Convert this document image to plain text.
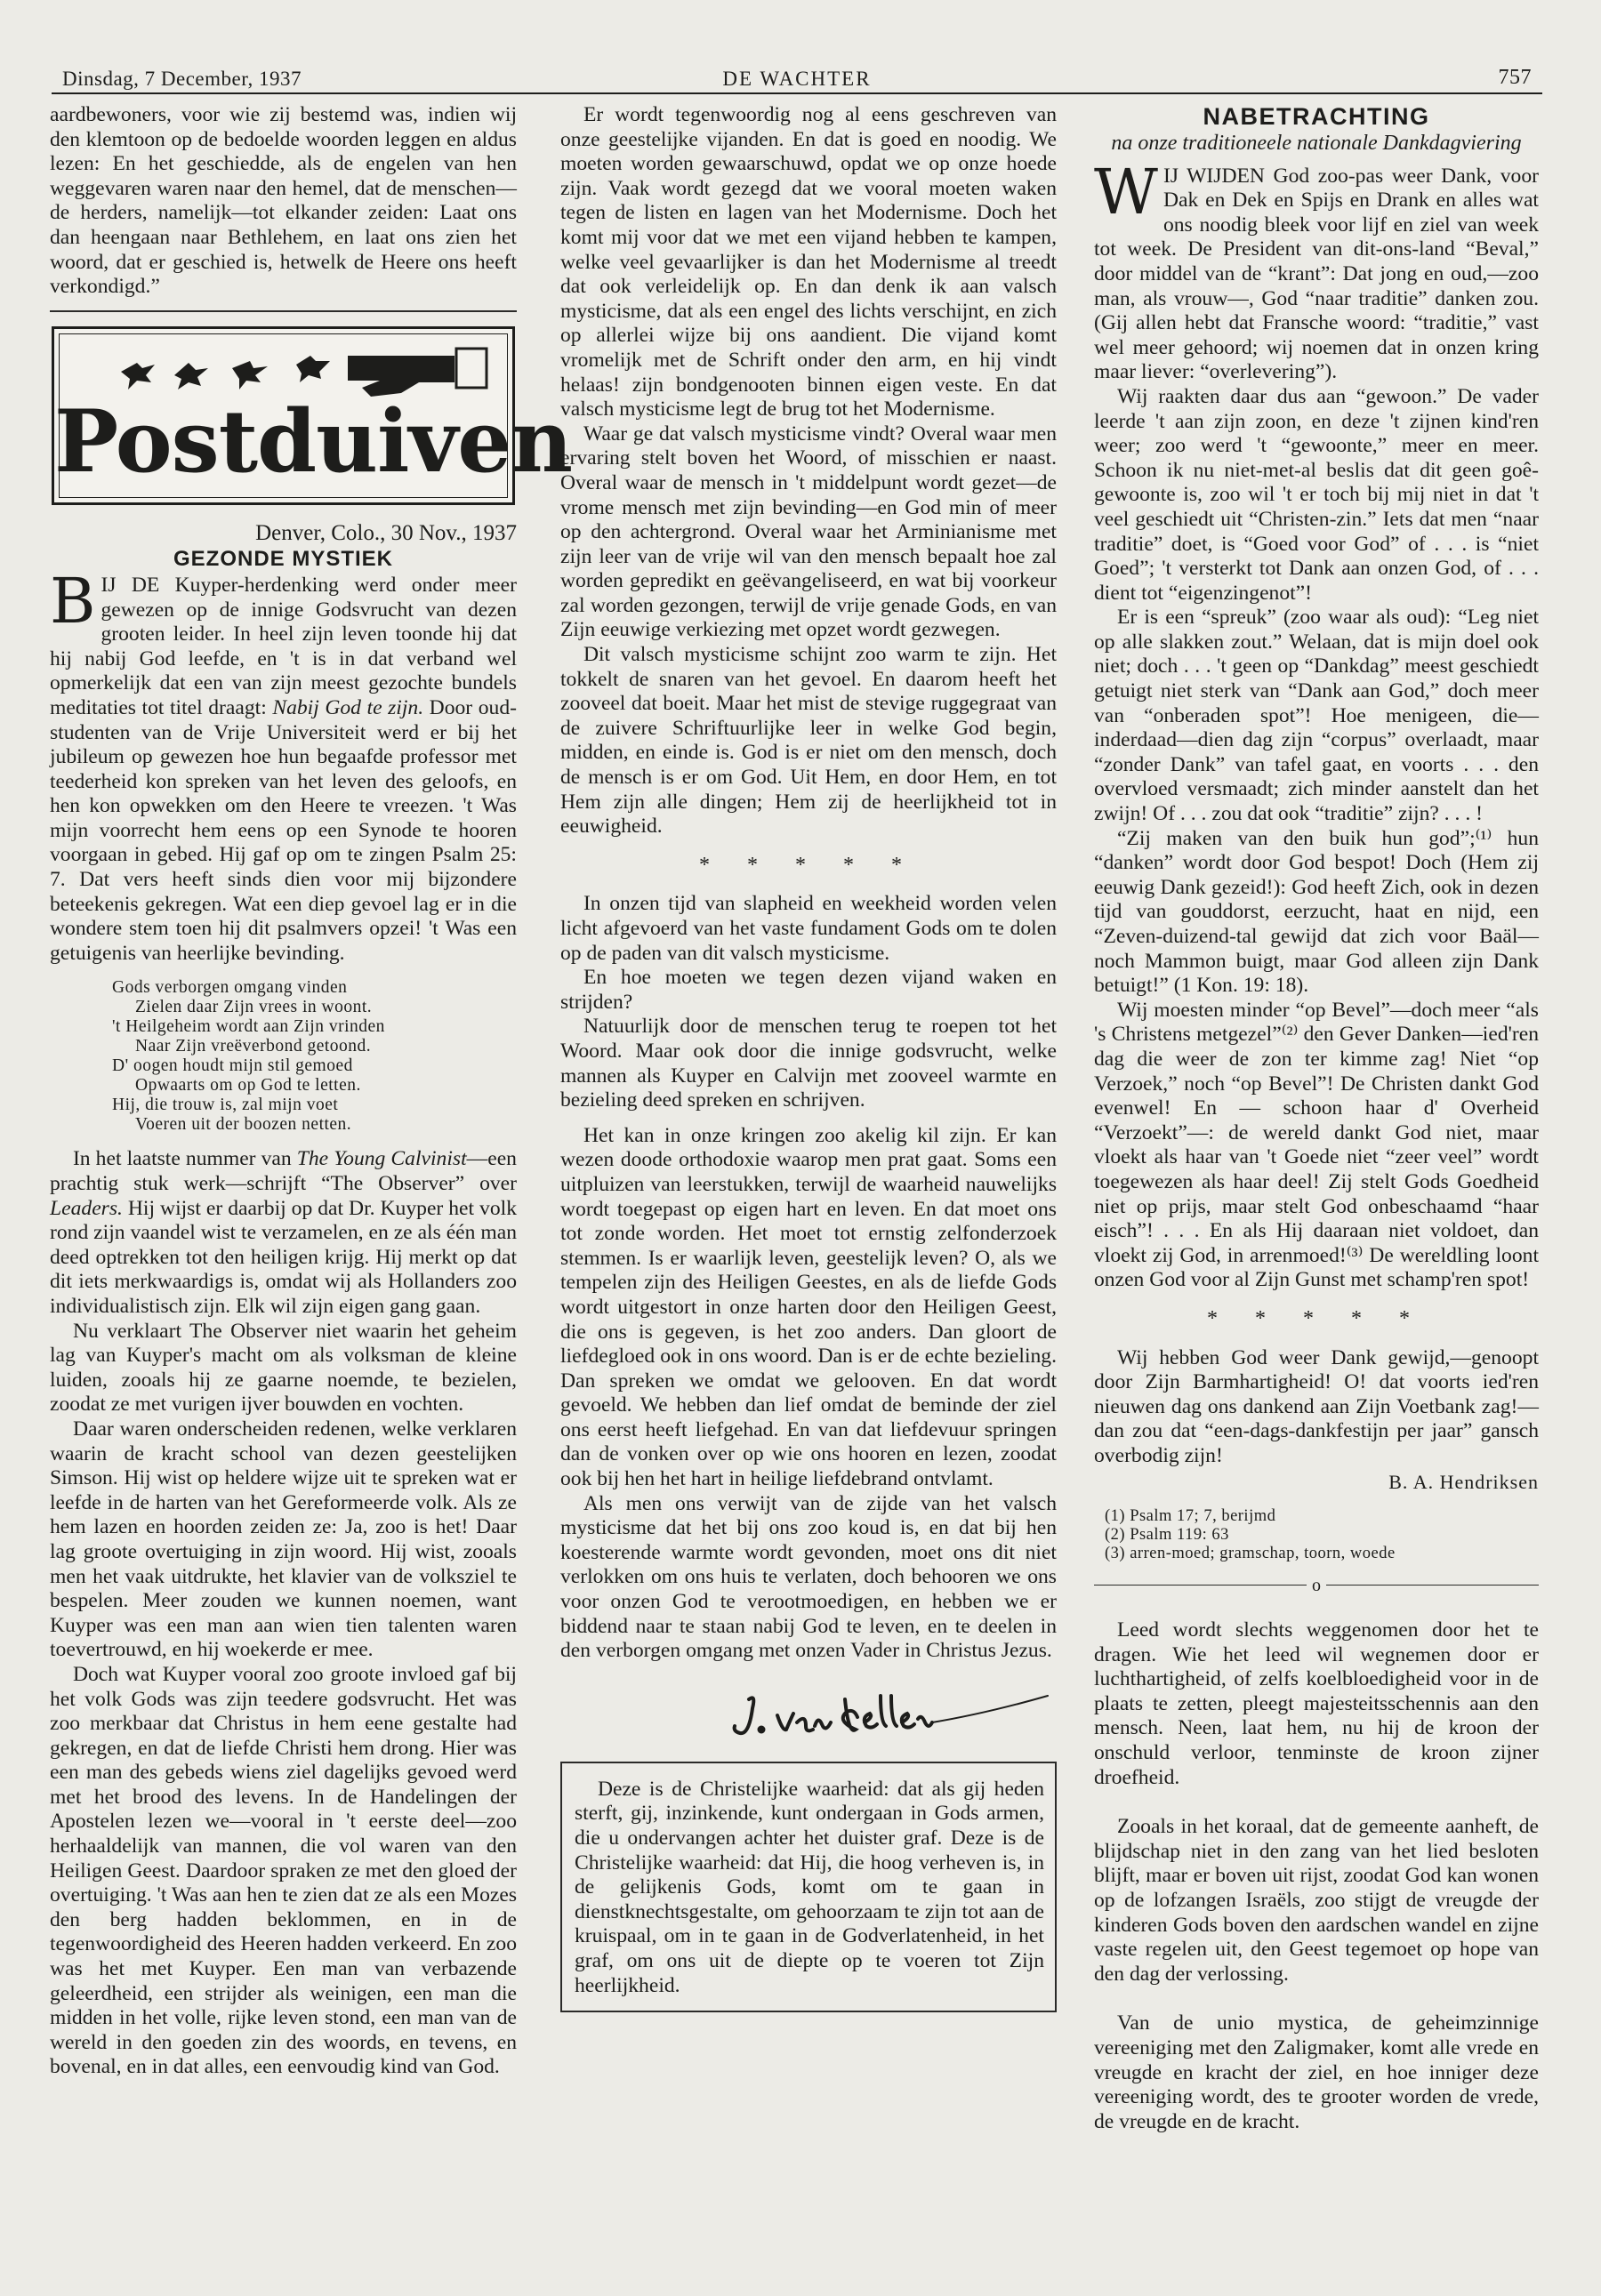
Dinsdag, 7 December, 1937	DE WACHTER	757

aardbewoners, voor wie zij bestemd was, indien wij den klemtoon op de bedoelde woorden leggen en aldus lezen: En het geschiedde, als de engelen van hen weggevaren waren naar den hemel, dat de menschen—de herders, namelijk—tot elkander zeiden: Laat ons dan heengaan naar Bethlehem, en laat ons zien het woord, dat er geschied is, hetwelk de Heere ons heeft verkondigd.”

Postduiven
Denver, Colo., 30 Nov., 1937
GEZONDE MYSTIEK

BIJ DE Kuyper-herdenking werd onder meer gewezen op de innige Godsvrucht van dezen grooten leider. In heel zijn leven toonde hij dat hij nabij God leefde, en 't is in dat verband wel opmerkelijk dat een van zijn meest gezochte bundels meditaties tot titel draagt: Nabij God te zijn. Door oud-studenten van de Vrije Universiteit werd er bij het jubileum op gewezen hoe hun begaafde professor met teederheid kon spreken van het leven des geloofs, en hen kon opwekken om den Heere te vreezen. 't Was mijn voorrecht hem eens op een Synode te hooren voorgaan in gebed. Hij gaf op om te zingen Psalm 25: 7. Dat vers heeft sinds dien voor mij bijzondere beteekenis gekregen. Wat een diep gevoel lag er in die wondere stem toen hij dit psalmvers opzei! 't Was een getuigenis van heerlijke bevinding.

Gods verborgen omgang vinden
Zielen daar Zijn vrees in woont.
't Heilgeheim wordt aan Zijn vrinden
Naar Zijn vreëverbond getoond.
D' oogen houdt mijn stil gemoed
Opwaarts om op God te letten.
Hij, die trouw is, zal mijn voet
Voeren uit der boozen netten.

In het laatste nummer van The Young Calvinist—een prachtig stuk werk—schrijft “The Observer” over Leaders. Hij wijst er daarbij op dat Dr. Kuyper het volk rond zijn vaandel wist te verzamelen, en ze als één man deed optrekken tot den heiligen krijg. Hij merkt op dat dit iets merkwaardigs is, omdat wij als Hollanders zoo individualistisch zijn. Elk wil zijn eigen gang gaan.

Nu verklaart The Observer niet waarin het geheim lag van Kuyper's macht om als volksman de kleine luiden, zooals hij ze gaarne noemde, te bezielen, zoodat ze met vurigen ijver bouwden en vochten.

Daar waren onderscheiden redenen, welke verklaren waarin de kracht school van dezen geestelijken Simson. Hij wist op heldere wijze uit te spreken wat er leefde in de harten van het Gereformeerde volk. Als ze hem lazen en hoorden zeiden ze: Ja, zoo is het! Daar lag groote overtuiging in zijn woord. Hij wist, zooals men het vaak uitdrukte, het klavier van de volksziel te bespelen. Meer zouden we kunnen noemen, want Kuyper was een man aan wien tien talenten waren toevertrouwd, en hij woekerde er mee.

Doch wat Kuyper vooral zoo groote invloed gaf bij het volk Gods was zijn teedere godsvrucht. Het was zoo merkbaar dat Christus in hem eene gestalte had gekregen, en dat de liefde Christi hem drong. Hier was een man des gebeds wiens ziel dagelijks gevoed werd met het brood des levens. In de Handelingen der Apostelen lezen we—vooral in 't eerste deel—zoo herhaaldelijk van mannen, die vol waren van den Heiligen Geest. Daardoor spraken ze met den gloed der overtuiging. 't Was aan hen te zien dat ze als een Mozes den berg hadden beklommen, en in de tegenwoordigheid des Heeren hadden verkeerd. En zoo was het met Kuyper. Een man van verbazende geleerdheid, een strijder als weinigen, een man die midden in het volle, rijke leven stond, een man van de wereld in den goeden zin des woords, en tevens, en bovenal, en in dat alles, een eenvoudig kind van God.

Er wordt tegenwoordig nog al eens geschreven van onze geestelijke vijanden. En dat is goed en noodig. We moeten worden gewaarschuwd, opdat we op onze hoede zijn. Vaak wordt gezegd dat we vooral moeten waken tegen de listen en lagen van het Modernisme. Doch het komt mij voor dat we met een vijand hebben te kampen, welke veel gevaarlijker is dan het Modernisme al treedt dat ook verleidelijk op. En dan denk ik aan valsch mysticisme, dat als een engel des lichts verschijnt, en zich op allerlei wijze bij ons aandient. Die vijand komt vromelijk met de Schrift onder den arm, en hij vindt helaas! zijn bondgenooten binnen eigen veste. En dat valsch mysticisme legt de brug tot het Modernisme.

Waar ge dat valsch mysticisme vindt? Overal waar men ervaring stelt boven het Woord, of misschien er naast. Overal waar de mensch in 't middelpunt wordt gezet—de vrome mensch met zijn bevinding—en God min of meer op den achtergrond. Overal waar het Arminianisme met zijn leer van de vrije wil van den mensch bepaalt hoe zal worden gepredikt en geëvangeliseerd, en wat bij voorkeur zal worden gezongen, terwijl de vrije genade Gods, en van Zijn eeuwige verkiezing met opzet wordt gezwegen.

Dit valsch mysticisme schijnt zoo warm te zijn. Het tokkelt de snaren van het gevoel. En daarom heeft het zooveel dat boeit. Maar het mist de stevige ruggegraat van de zuivere Schriftuurlijke leer in welke God begin, midden, en einde is. God is er niet om den mensch, doch de mensch is er om God. Uit Hem, en door Hem, en tot Hem zijn alle dingen; Hem zij de heerlijkheid tot in eeuwigheid.

* * * * *

In onzen tijd van slapheid en weekheid worden velen licht afgevoerd van het vaste fundament Gods om te dolen op de paden van dit valsch mysticisme.

En hoe moeten we tegen dezen vijand waken en strijden?

Natuurlijk door de menschen terug te roepen tot het Woord. Maar ook door die innige godsvrucht, welke mannen als Kuyper en Calvijn met zooveel warmte en bezieling deed spreken en schrijven.

Het kan in onze kringen zoo akelig kil zijn. Er kan wezen doode orthodoxie waarop men prat gaat. Soms een uitpluizen van leerstukken, terwijl de waarheid nauwelijks wordt toegepast op eigen hart en leven. En dat moet ons tot zonde worden. Het moet tot ernstig zelfonderzoek stemmen. Is er waarlijk leven, geestelijk leven? O, als we tempelen zijn des Heiligen Geestes, en als de liefde Gods wordt uitgestort in onze harten door den Heiligen Geest, die ons is gegeven, is het zoo anders. Dan gloort de liefdegloed ook in ons woord. Dan is er de echte bezieling. Dan spreken we omdat we gelooven. En dat wordt gevoeld. We hebben dan lief omdat de beminde der ziel ons eerst heeft liefgehad. En van dat liefdevuur springen dan de vonken over op wie ons hooren en lezen, zoodat ook bij hen het hart in heilige liefdebrand ontvlamt.

Als men ons verwijt van de zijde van het valsch mysticisme dat het bij ons zoo koud is, en dat bij hen koesterende warmte wordt gevonden, moet ons dit niet verlokken om ons huis te verlaten, doch behooren we ons voor onzen God te verootmoedigen, en hebben we er biddend naar te staan nabij God te leven, en te deelen in den verborgen omgang met onzen Vader in Christus Jezus.

Deze is de Christelijke waarheid: dat als gij heden sterft, gij, inzinkende, kunt ondergaan in Gods armen, die u ondervangen achter het duister graf. Deze is de Christelijke waarheid: dat Hij, die hoog verheven is, in de gelijkenis Gods, komt om te gaan in dienstknechtsgestalte, om gehoorzaam te zijn tot aan de kruispaal, om in te gaan in de Godverlatenheid, in het graf, om ons uit de diepte op te voeren tot Zijn heerlijkheid.

NABETRACHTING
na onze traditioneele nationale Dankdagviering

WIJ WIJDEN God zoo-pas weer Dank, voor Dak en Dek en Spijs en Drank en alles wat ons noodig bleek voor lijf en ziel van week tot week. De President van dit-ons-land “Beval,” door middel van de “krant”: Dat jong en oud,—zoo man, als vrouw—, God “naar traditie” danken zou. (Gij allen hebt dat Fransche woord: “traditie,” vast wel meer gehoord; wij noemen dat in onzen kring maar liever: “overlevering”).

Wij raakten daar dus aan “gewoon.” De vader leerde 't aan zijn zoon, en deze 't zijnen kind'ren weer; zoo werd 't “gewoonte,” meer en meer. Schoon ik nu niet-met-al beslis dat dit geen goê-gewoonte is, zoo wil 't er toch bij mij niet in dat 't veel geschiedt uit “Christen-zin.” Iets dat men “naar traditie” doet, is “Goed voor God” of . . . is “niet Goed”; 't versterkt tot Dank aan onzen God, of . . . dient tot “eigenzingenot”!

Er is een “spreuk” (zoo waar als oud): “Leg niet op alle slakken zout.” Welaan, dat is mijn doel ook niet; doch . . . 't geen op “Dankdag” meest geschiedt getuigt niet sterk van “Dank aan God,” doch meer van “onberaden spot”! Hoe menigeen, die—inderdaad—dien dag zijn “corpus” overlaadt, maar “zonder Dank” van tafel gaat, en voorts . . . den overvloed versmaadt; zich minder aanstelt dan het zwijn! Of . . . zou dat ook “traditie” zijn? . . . !

“Zij maken van den buik hun god”;⁽¹⁾ hun “danken” wordt door God bespot! Doch (Hem zij eeuwig Dank gezeid!): God heeft Zich, ook in dezen tijd van gouddorst, eerzucht, haat en nijd, een “Zeven-duizend-tal gewijd dat zich voor Baäl—noch Mammon buigt, maar God alleen zijn Dank betuigt!” (1 Kon. 19: 18).

Wij moesten minder “op Bevel”—doch meer “als 's Christens metgezel”⁽²⁾ den Gever Danken—ied'ren dag die weer de zon ter kimme zag! Niet “op Verzoek,” noch “op Bevel”! De Christen dankt God evenwel! En — schoon haar d' Overheid “Verzoekt”—: de wereld dankt God niet, maar vloekt als haar van 't Goede niet “zeer veel” wordt toegewezen als haar deel! Zij stelt Gods Goedheid niet op prijs, maar stelt God onbeschaamd “haar eisch”! . . . En als Hij daaraan niet voldoet, dan vloekt zij God, in arrenmoed!⁽³⁾ De wereldling loont onzen God voor al Zijn Gunst met schamp'ren spot!

* * * * *

Wij hebben God weer Dank gewijd,—genoopt door Zijn Barmhartigheid! O! dat voorts ied'ren nieuwen dag ons dankend aan Zijn Voetbank zag!—dan zou dat “een-dags-dankfestijn per jaar” gansch overbodig zijn!

B. A. Hendriksen
(1) Psalm 17; 7, berijmd
(2) Psalm 119: 63
(3) arren-moed; gramschap, toorn, woede
o

Leed wordt slechts weggenomen door het te dragen. Wie het leed wil wegnemen door er luchthartigheid, of zelfs koelbloedigheid voor in de plaats te zetten, pleegt majesteitsschennis aan den mensch. Neen, laat hem, nu hij de kroon der onschuld verloor, tenminste de kroon zijner droefheid.

Zooals in het koraal, dat de gemeente aanheft, de blijdschap niet in den zang van het lied besloten blijft, maar er boven uit rijst, zoodat God kan wonen op de lofzangen Israëls, zoo stijgt de vreugde der kinderen Gods boven den aardschen wandel en zijne vaste regelen uit, den Geest tegemoet op hope van den dag der verlossing.

Van de unio mystica, de geheimzinnige vereeniging met den Zaligmaker, komt alle vrede en vreugde en kracht der ziel, en hoe inniger deze vereeniging wordt, des te grooter worden de vrede, de vreugde en de kracht.
